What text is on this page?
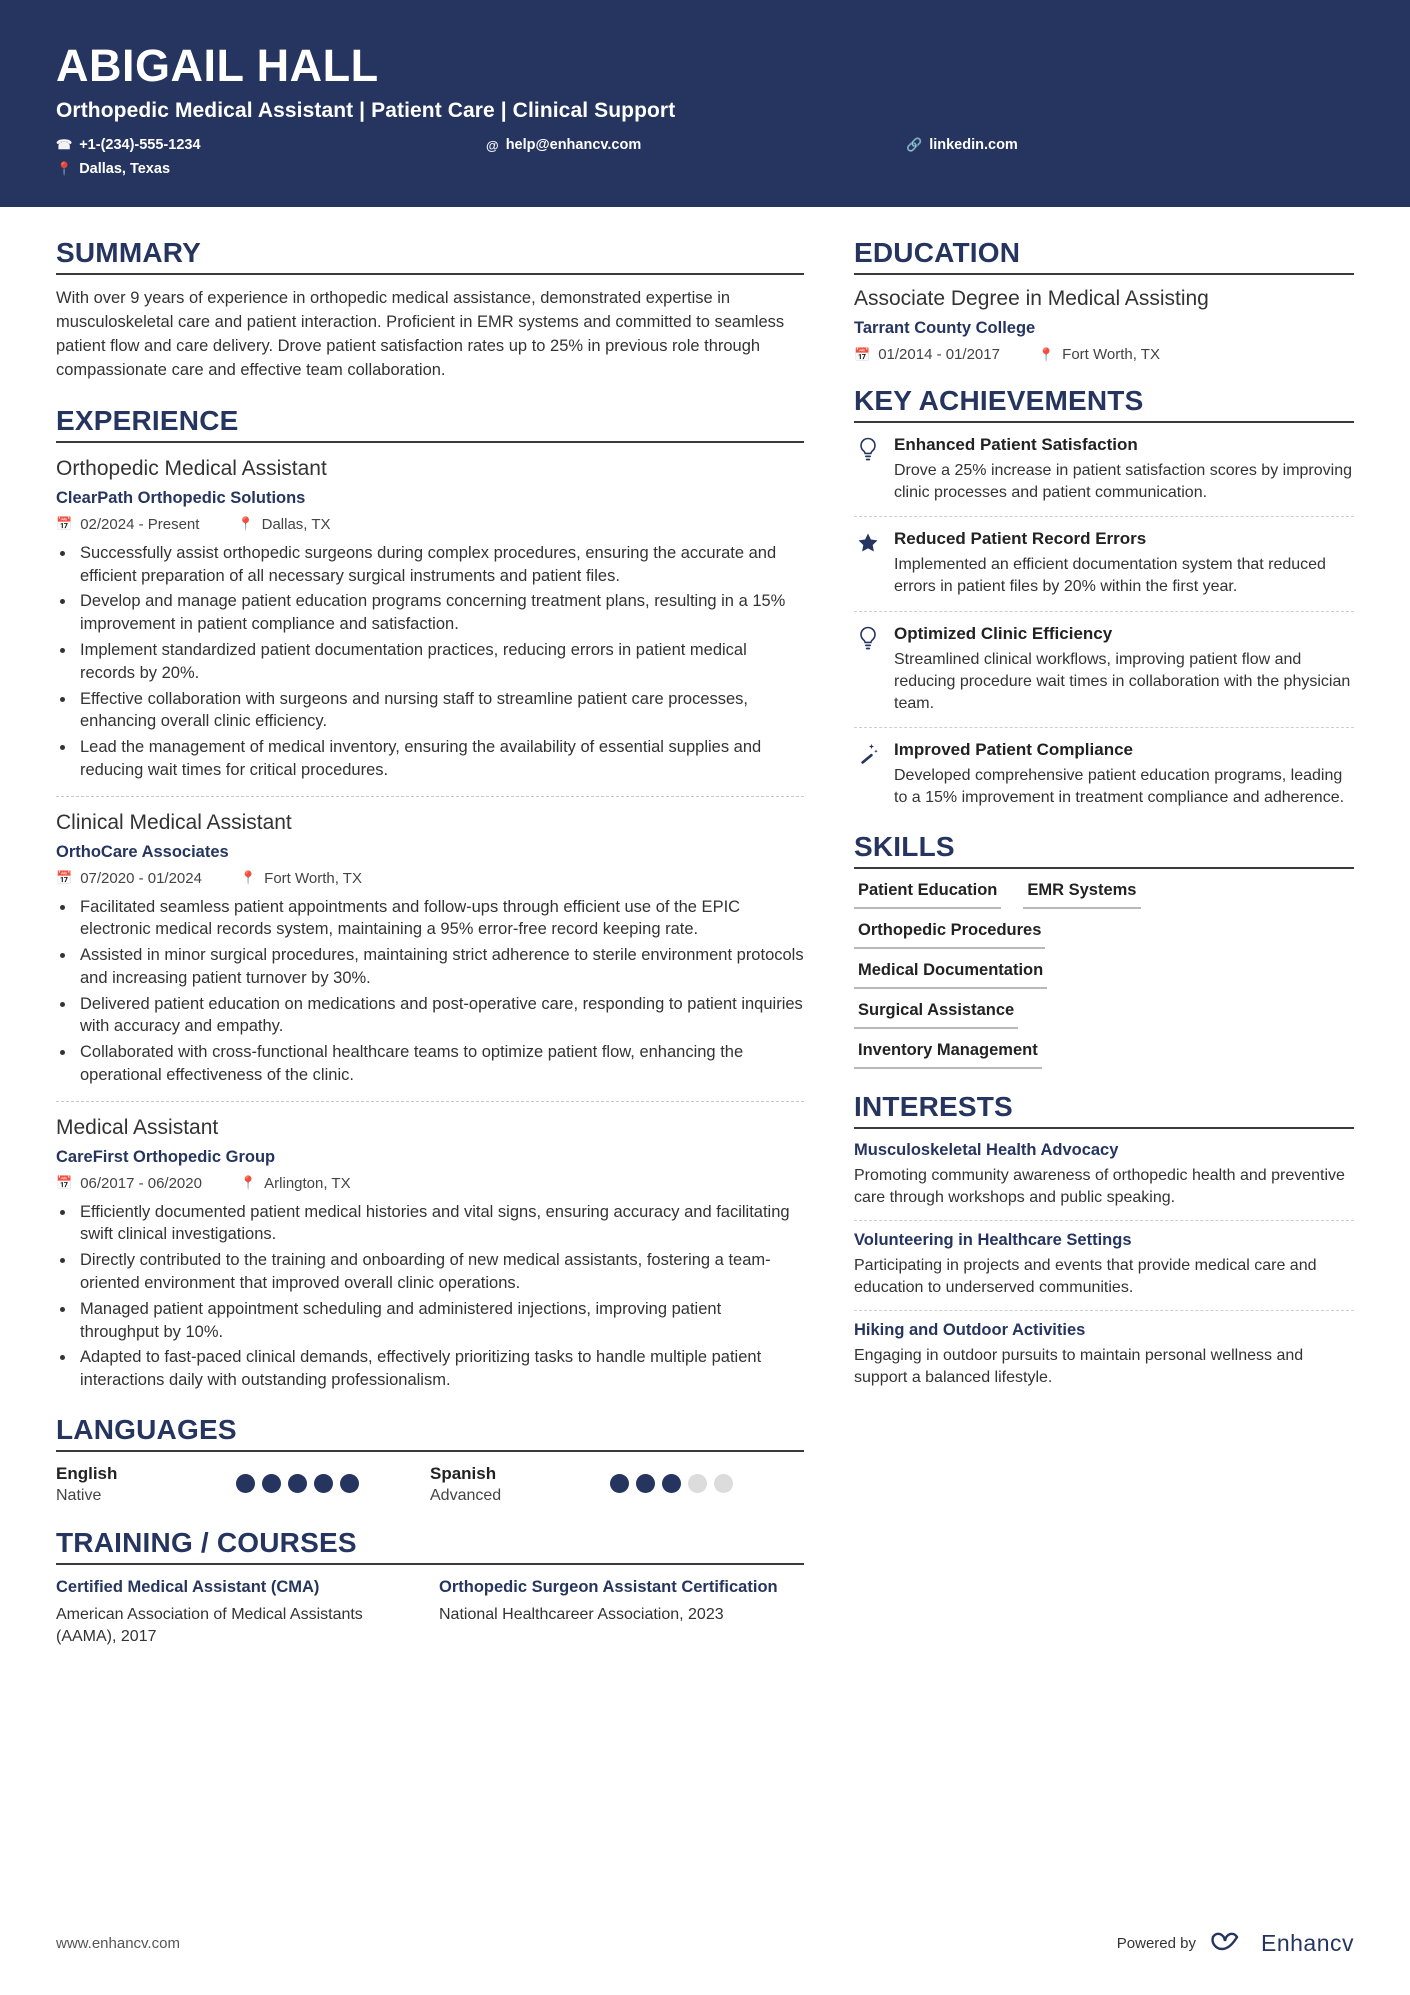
ABIGAIL HALL
Orthopedic Medical Assistant | Patient Care | Clinical Support
☎ +1-(234)-555-1234	@ help@enhancv.com	🔗 linkedin.com
📍 Dallas, Texas
SUMMARY
With over 9 years of experience in orthopedic medical assistance, demonstrated expertise in musculoskeletal care and patient interaction. Proficient in EMR systems and committed to seamless patient flow and care delivery. Drove patient satisfaction rates up to 25% in previous role through compassionate care and effective team collaboration.
EXPERIENCE
Orthopedic Medical Assistant
ClearPath Orthopedic Solutions
📅 02/2024 - Present	📍 Dallas, TX
• Successfully assist orthopedic surgeons during complex procedures, ensuring the accurate and efficient preparation of all necessary surgical instruments and patient files.
• Develop and manage patient education programs concerning treatment plans, resulting in a 15% improvement in patient compliance and satisfaction.
• Implement standardized patient documentation practices, reducing errors in patient medical records by 20%.
• Effective collaboration with surgeons and nursing staff to streamline patient care processes, enhancing overall clinic efficiency.
• Lead the management of medical inventory, ensuring the availability of essential supplies and reducing wait times for critical procedures.
Clinical Medical Assistant
OrthoCare Associates
📅 07/2020 - 01/2024	📍 Fort Worth, TX
• Facilitated seamless patient appointments and follow-ups through efficient use of the EPIC electronic medical records system, maintaining a 95% error-free record keeping rate.
• Assisted in minor surgical procedures, maintaining strict adherence to sterile environment protocols and increasing patient turnover by 30%.
• Delivered patient education on medications and post-operative care, responding to patient inquiries with accuracy and empathy.
• Collaborated with cross-functional healthcare teams to optimize patient flow, enhancing the operational effectiveness of the clinic.
Medical Assistant
CareFirst Orthopedic Group
📅 06/2017 - 06/2020	📍 Arlington, TX
• Efficiently documented patient medical histories and vital signs, ensuring accuracy and facilitating swift clinical investigations.
• Directly contributed to the training and onboarding of new medical assistants, fostering a team-oriented environment that improved overall clinic operations.
• Managed patient appointment scheduling and administered injections, improving patient throughput by 10%.
• Adapted to fast-paced clinical demands, effectively prioritizing tasks to handle multiple patient interactions daily with outstanding professionalism.
LANGUAGES
English
Native
Spanish
Advanced
TRAINING / COURSES
Certified Medical Assistant (CMA)
American Association of Medical Assistants (AAMA), 2017
Orthopedic Surgeon Assistant Certification
National Healthcareer Association, 2023
EDUCATION
Associate Degree in Medical Assisting
Tarrant County College
📅 01/2014 - 01/2017	📍 Fort Worth, TX
KEY ACHIEVEMENTS
Enhanced Patient Satisfaction
Drove a 25% increase in patient satisfaction scores by improving clinic processes and patient communication.
Reduced Patient Record Errors
Implemented an efficient documentation system that reduced errors in patient files by 20% within the first year.
Optimized Clinic Efficiency
Streamlined clinical workflows, improving patient flow and reducing procedure wait times in collaboration with the physician team.
Improved Patient Compliance
Developed comprehensive patient education programs, leading to a 15% improvement in treatment compliance and adherence.
SKILLS
Patient Education EMR Systems
Orthopedic Procedures
Medical Documentation
Surgical Assistance
Inventory Management
INTERESTS
Musculoskeletal Health Advocacy
Promoting community awareness of orthopedic health and preventive care through workshops and public speaking.
Volunteering in Healthcare Settings
Participating in projects and events that provide medical care and education to underserved communities.
Hiking and Outdoor Activities
Engaging in outdoor pursuits to maintain personal wellness and support a balanced lifestyle.
www.enhancv.com	Powered by	Enhancv
